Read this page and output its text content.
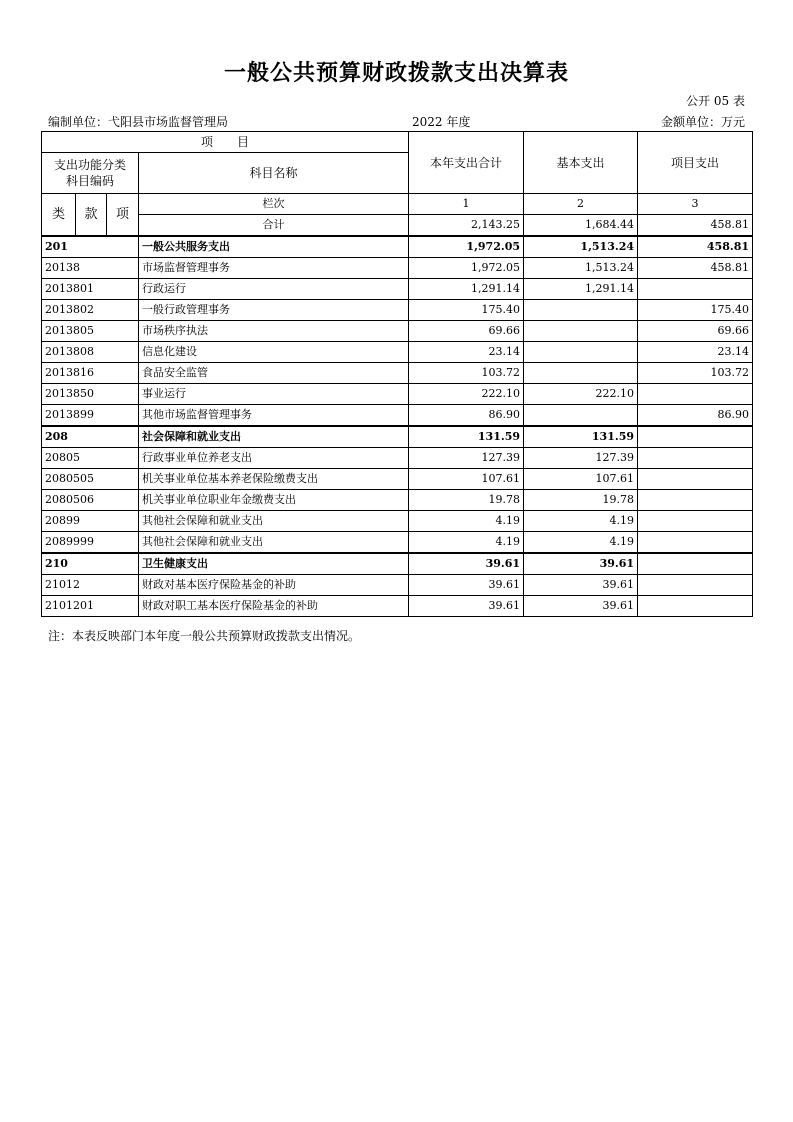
一般公共预算财政拨款支出决算表
公开 05 表
编制单位：弋阳县市场监督管理局	2022 年度	金额单位：万元
项　　目				本年支出合计	基本支出	项目支出
支出功能分类科目编码			科目名称			
类	款	项				
			栏次	1	2	3
			合计	2,143.25	1,684.44	458.81
201			一般公共服务支出	1,972.05	1,513.24	458.81
20138			市场监督管理事务	1,972.05	1,513.24	458.81
2013801			行政运行	1,291.14	1,291.14	
2013802			一般行政管理事务	175.40		175.40
2013805			市场秩序执法	69.66		69.66
2013808			信息化建设	23.14		23.14
2013816			食品安全监管	103.72		103.72
2013850			事业运行	222.10	222.10	
2013899			其他市场监督管理事务	86.90		86.90
208			社会保障和就业支出	131.59	131.59	
20805			行政事业单位养老支出	127.39	127.39	
2080505			机关事业单位基本养老保险缴费支出	107.61	107.61	
2080506			机关事业单位职业年金缴费支出	19.78	19.78	
20899			其他社会保障和就业支出	4.19	4.19	
2089999			其他社会保障和就业支出	4.19	4.19	
210			卫生健康支出	39.61	39.61	
21012			财政对基本医疗保险基金的补助	39.61	39.61	
2101201			财政对职工基本医疗保险基金的补助	39.61	39.61	
注：本表反映部门本年度一般公共预算财政拨款支出情况。
